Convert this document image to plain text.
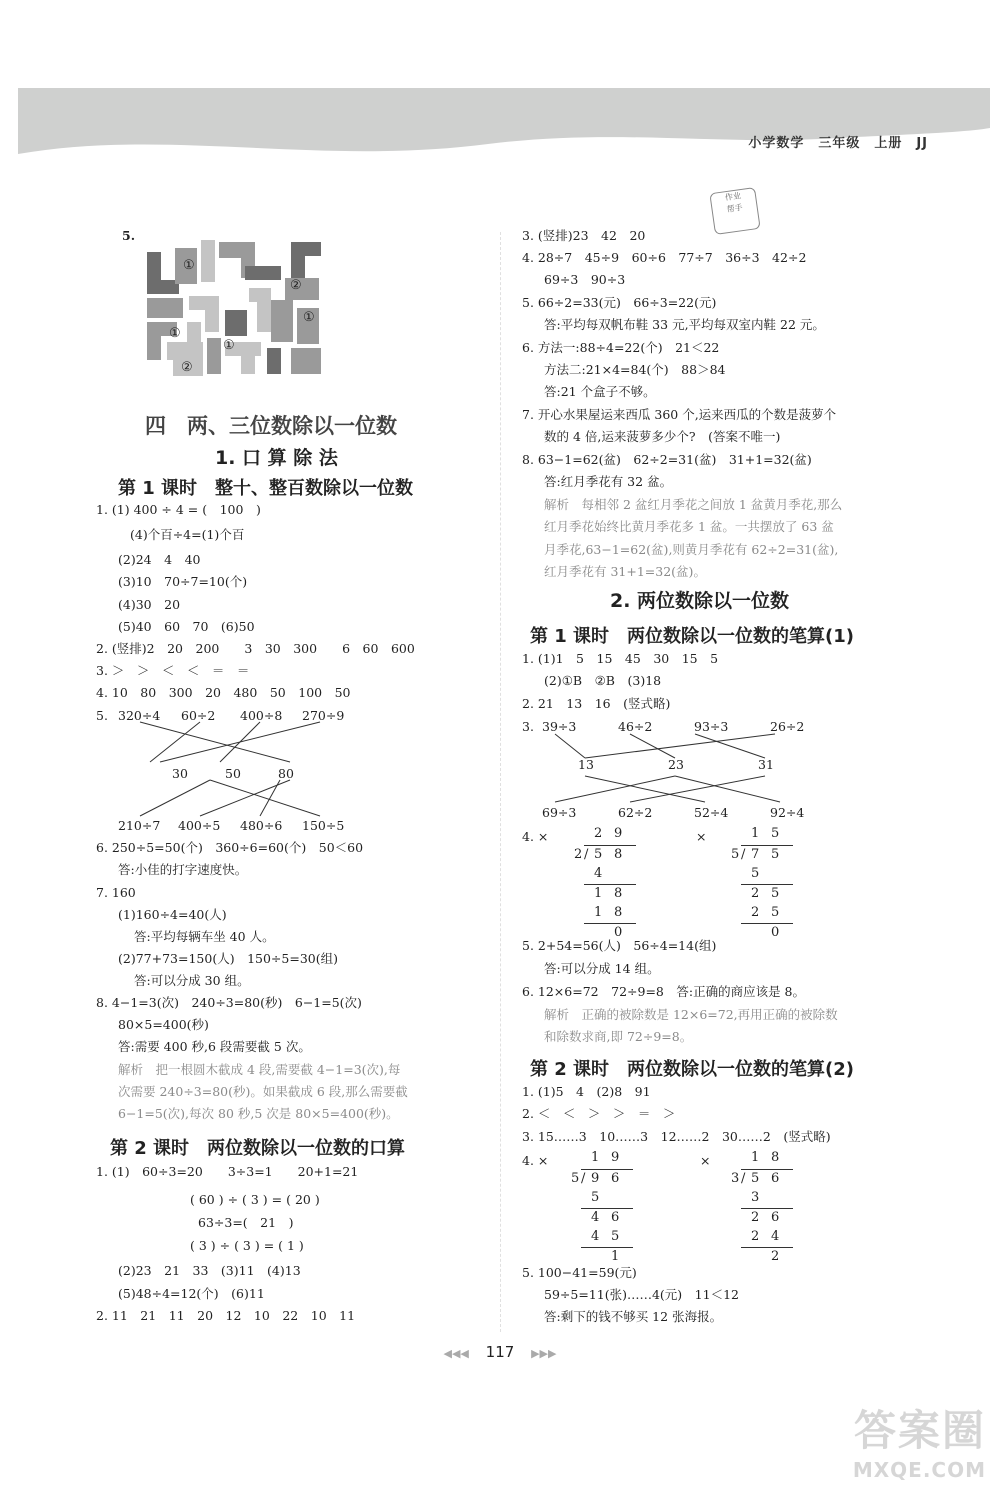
小学数学　三年级　上册　JJ
作业
帮手
5.
①
②
①
②
①
①
四　两、三位数除以一位数
1. 口 算 除 法
第 1 课时　整十、整百数除以一位数
1. (1) 400 ÷ 4 = (　100　)
(4)个百÷4=(1)个百
(2)24　4　40
(3)10　70÷7=10(个)
(4)30　20
(5)40　60　70　(6)50
2. (竖排)2　20　200　　3　30　300　　6　60　600
3. ＞　＞　＜　＜　＝　＝
4. 10　80　300　20　480　50　100　50
5. 320÷4 60÷2 400÷8 270÷9
30	50	80
210÷7 400÷5 480÷6 150÷5
6. 250÷5=50(个)　360÷6=60(个)　50＜60
答:小佳的打字速度快。
7. 160
(1)160÷4=40(人)
答:平均每辆车坐 40 人。
(2)77+73=150(人)　150÷5=30(组)
答:可以分成 30 组。
8. 4−1=3(次)　240÷3=80(秒)　6−1=5(次)
80×5=400(秒)
答:需要 400 秒,6 段需要截 5 次。
解析　把一根圆木截成 4 段,需要截 4−1=3(次),每
次需要 240÷3=80(秒)。如果截成 6 段,那么需要截
6−1=5(次),每次 80 秒,5 次是 80×5=400(秒)。
第 2 课时　两位数除以一位数的口算
1. (1)　60÷3=20　　3÷3=1　　20+1=21
( 60 ) ÷ ( 3 ) = ( 20 )
63÷3=(　21　)
( 3 ) ÷ ( 3 ) = ( 1 )
(2)23　21　33　(3)11　(4)13
(5)48÷4=12(个)　(6)11
2. 11　21　11　20　12　10　22　10　11
3. (竖排)23　42　20
4. 28÷7　45÷9　60÷6　77÷7　36÷3　42÷2
69÷3　90÷3
5. 66÷2=33(元)　66÷3=22(元)
答:平均每双帆布鞋 33 元,平均每双室内鞋 22 元。
6. 方法一:88÷4=22(个)　21＜22
方法二:21×4=84(个)　88＞84
答:21 个盒子不够。
7. 开心水果屋运来西瓜 360 个,运来西瓜的个数是菠萝个
数的 4 倍,运来菠萝多少个?　(答案不唯一)
8. 63−1=62(盆)　62÷2=31(盆)　31+1=32(盆)
答:红月季花有 32 盆。
解析　每相邻 2 盆红月季花之间放 1 盆黄月季花,那么
红月季花始终比黄月季花多 1 盆。一共摆放了 63 盆
月季花,63−1=62(盆),则黄月季花有 62÷2=31(盆),
红月季花有 31+1=32(盆)。
2. 两位数除以一位数
第 1 课时　两位数除以一位数的笔算(1)
1. (1)1　5　15　45　30　15　5
(2)①B　②B　(3)18
2. 21　13　16　(竖式略)
3. 39÷3	46÷2	93÷3	26÷2
13	23	31
69÷3	62÷2	52÷4	92÷4
4. ×	×
2 9
2 / 5 8
4
1 8
1 8
0
1 5
5 / 7 5
5
2 5
2 5
0
5. 2+54=56(人)　56÷4=14(组)
答:可以分成 14 组。
6. 12×6=72　72÷9=8　答:正确的商应该是 8。
解析　正确的被除数是 12×6=72,再用正确的被除数
和除数求商,即 72÷9=8。
第 2 课时　两位数除以一位数的笔算(2)
1. (1)5　4　(2)8　91
2. ＜　＜　＞　＞　＝　＞
3. 15……3　10……3　12……2　30……2　(竖式略)
4. ×	×
1 9
5 / 9 6
5
4 6
4 5
1
1 8
3 / 5 6
3
2 6
2 4
2
5. 100−41=59(元)
59÷5=11(张)……4(元)　11＜12
答:剩下的钱不够买 12 张海报。
◀◀◀ 117 ▶▶▶
答案圈
MXQE.COM
